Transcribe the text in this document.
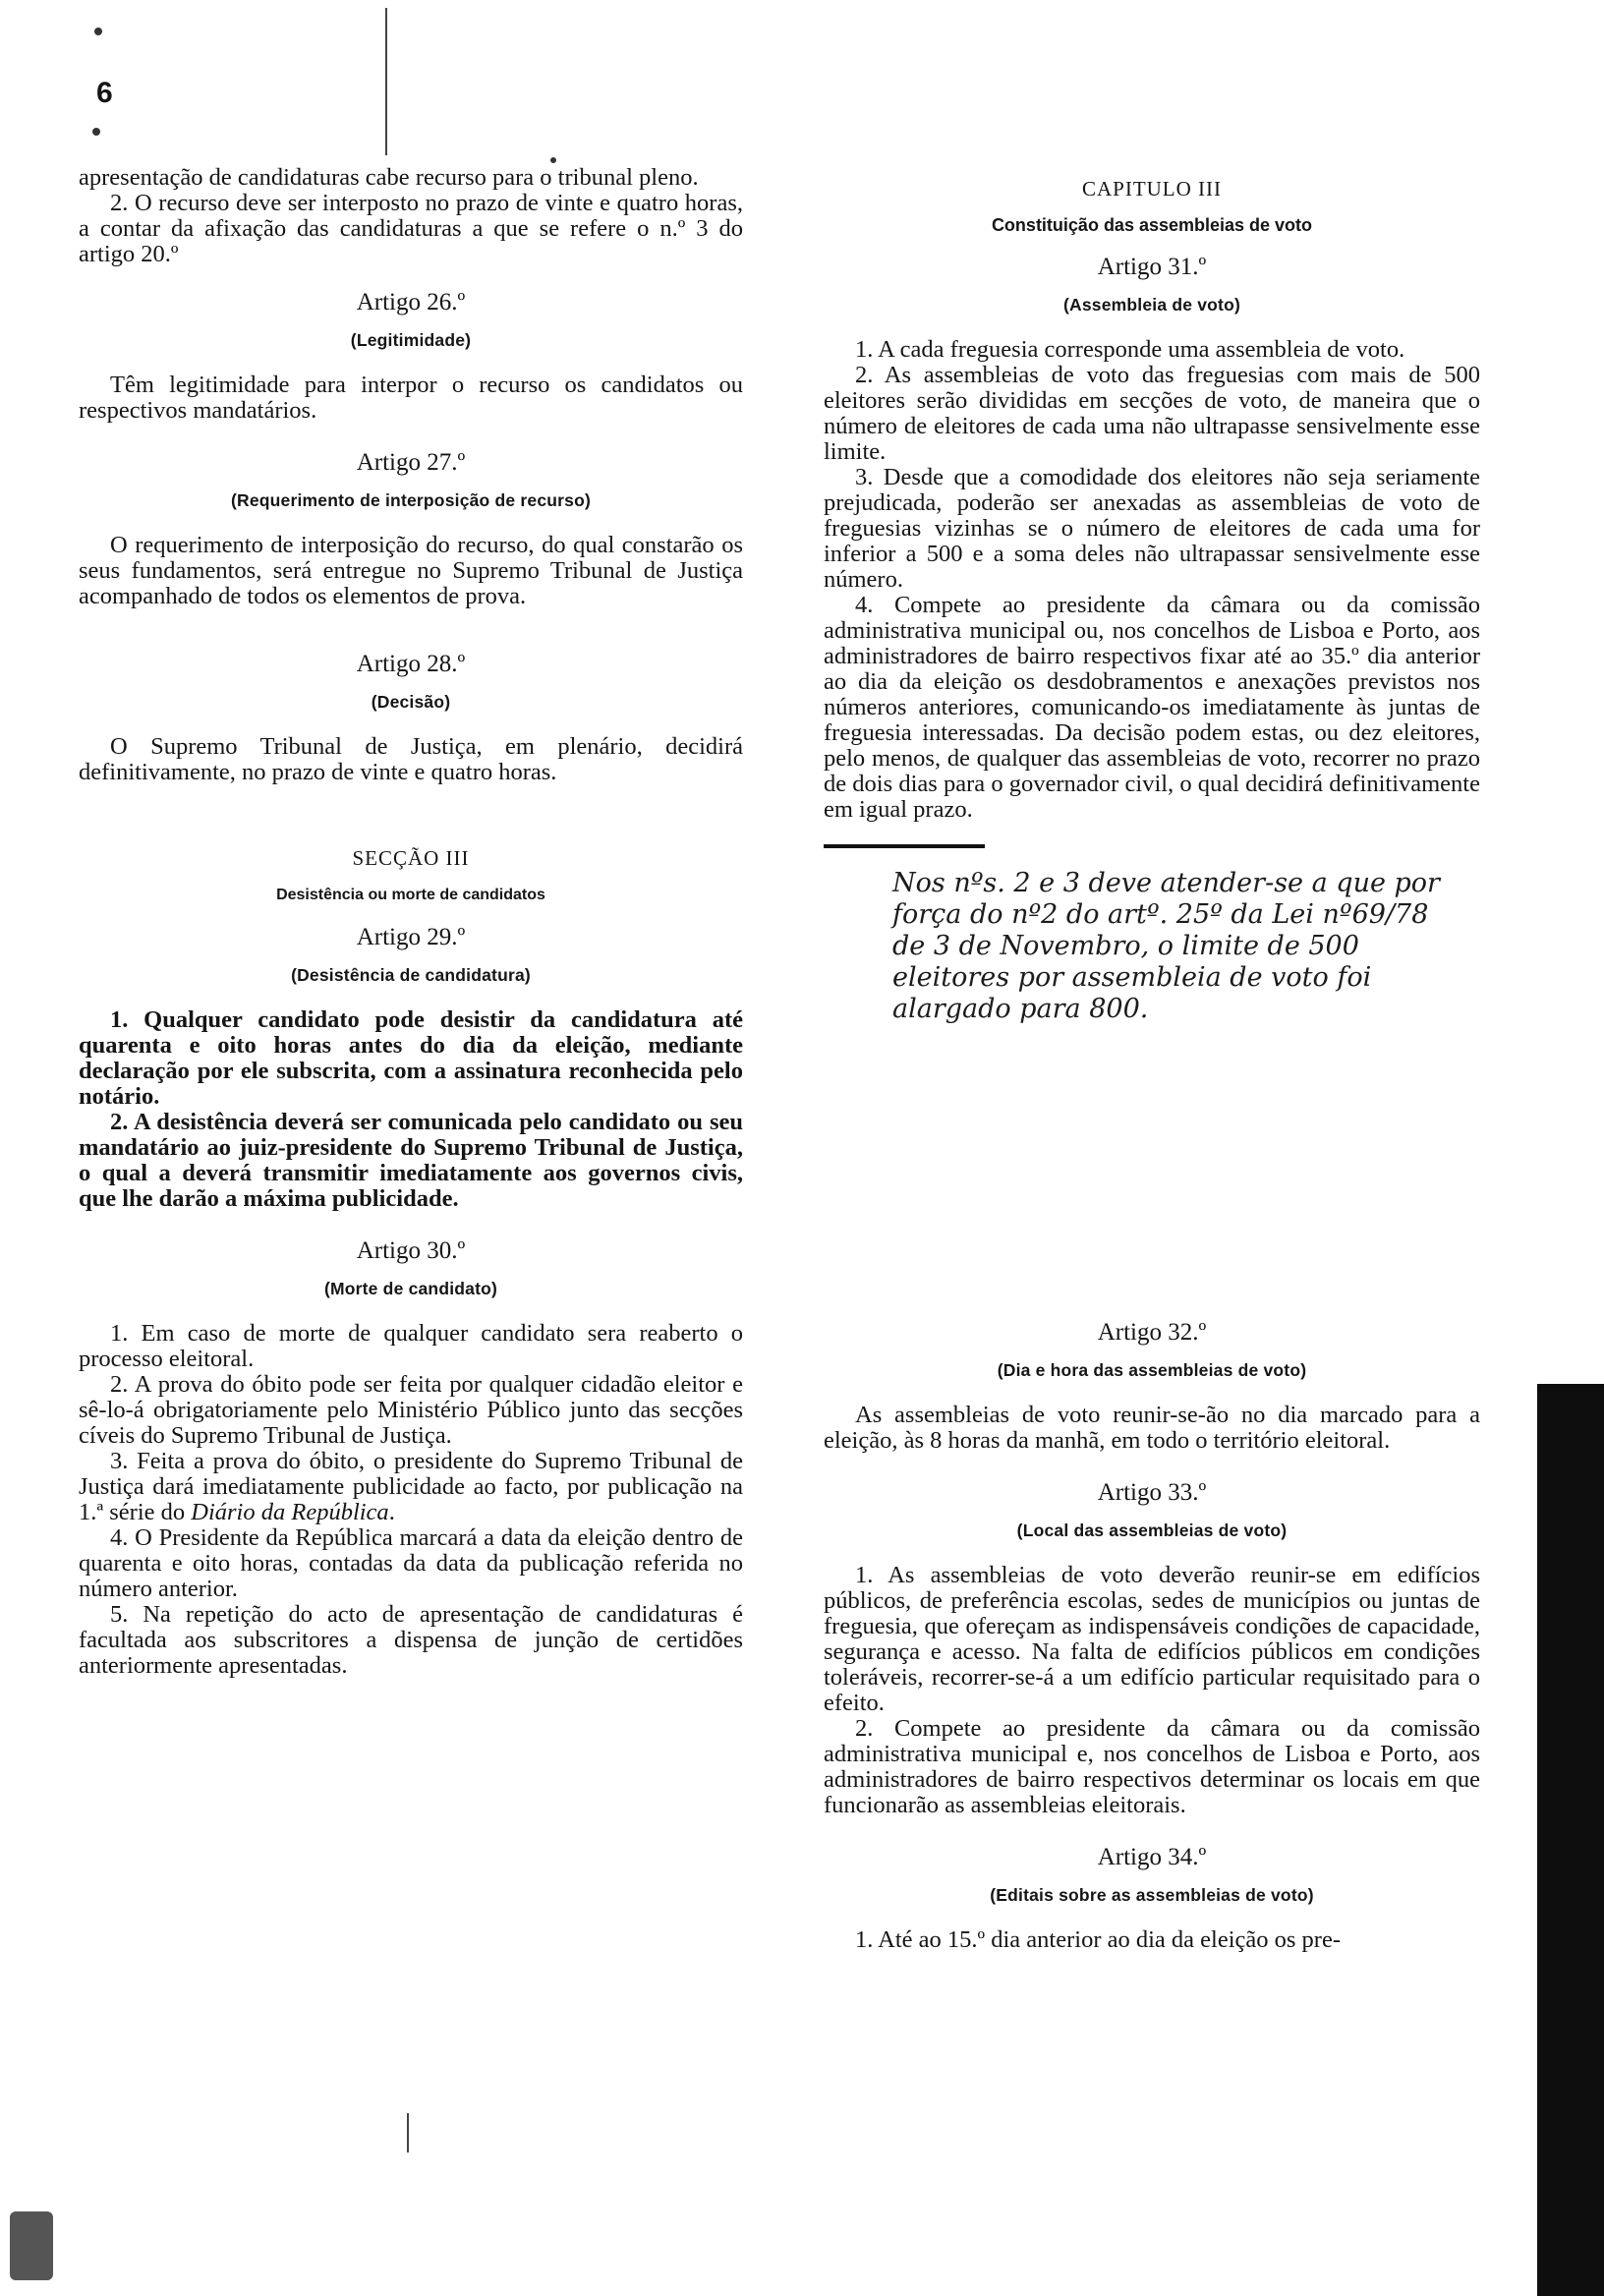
6

apresentação de candidaturas cabe recurso para o tribunal pleno.

2. O recurso deve ser interposto no prazo de vinte e quatro horas, a contar da afixação das candidaturas a que se refere o n.º 3 do artigo 20.º

Artigo 26.º
(Legitimidade)

Têm legitimidade para interpor o recurso os candidatos ou respectivos mandatários.

Artigo 27.º
(Requerimento de interposição de recurso)

O requerimento de interposição do recurso, do qual constarão os seus fundamentos, será entregue no Supremo Tribunal de Justiça acompanhado de todos os elementos de prova.

Artigo 28.º
(Decisão)

O Supremo Tribunal de Justiça, em plenário, decidirá definitivamente, no prazo de vinte e quatro horas.

SECÇÃO III
Desistência ou morte de candidatos
Artigo 29.º
(Desistência de candidatura)

1. Qualquer candidato pode desistir da candidatura até quarenta e oito horas antes do dia da eleição, mediante declaração por ele subscrita, com a assinatura reconhecida pelo notário.

2. A desistência deverá ser comunicada pelo candidato ou seu mandatário ao juiz-presidente do Supremo Tribunal de Justiça, o qual a deverá transmitir imediatamente aos governos civis, que lhe darão a máxima publicidade.

Artigo 30.º
(Morte de candidato)

1. Em caso de morte de qualquer candidato sera reaberto o processo eleitoral.

2. A prova do óbito pode ser feita por qualquer cidadão eleitor e sê-lo-á obrigatoriamente pelo Ministério Público junto das secções cíveis do Supremo Tribunal de Justiça.

3. Feita a prova do óbito, o presidente do Supremo Tribunal de Justiça dará imediatamente publicidade ao facto, por publicação na 1.ª série do Diário da República.

4. O Presidente da República marcará a data da eleição dentro de quarenta e oito horas, contadas da data da publicação referida no número anterior.

5. Na repetição do acto de apresentação de candidaturas é facultada aos subscritores a dispensa de junção de certidões anteriormente apresentadas.

CAPITULO III
Constituição das assembleias de voto
Artigo 31.º
(Assembleia de voto)

1. A cada freguesia corresponde uma assembleia de voto.

2. As assembleias de voto das freguesias com mais de 500 eleitores serão divididas em secções de voto, de maneira que o número de eleitores de cada uma não ultrapasse sensivelmente esse limite.

3. Desde que a comodidade dos eleitores não seja seriamente prejudicada, poderão ser anexadas as assembleias de voto de freguesias vizinhas se o número de eleitores de cada uma for inferior a 500 e a soma deles não ultrapassar sensivelmente esse número.

4. Compete ao presidente da câmara ou da comissão administrativa municipal ou, nos concelhos de Lisboa e Porto, aos administradores de bairro respectivos fixar até ao 35.º dia anterior ao dia da eleição os desdobramentos e anexações previstos nos números anteriores, comunicando-os imediatamente às juntas de freguesia interessadas. Da decisão podem estas, ou dez eleitores, pelo menos, de qualquer das assembleias de voto, recorrer no prazo de dois dias para o governador civil, o qual decidirá definitivamente em igual prazo.

Nos nºs. 2 e 3 deve atender-se a que por força do nº2 do artº. 25º da Lei nº69/78 de 3 de Novembro, o limite de 500 eleitores por assembleia de voto foi alargado para 800.
Artigo 32.º
(Dia e hora das assembleias de voto)

As assembleias de voto reunir-se-ão no dia marcado para a eleição, às 8 horas da manhã, em todo o território eleitoral.

Artigo 33.º
(Local das assembleias de voto)

1. As assembleias de voto deverão reunir-se em edifícios públicos, de preferência escolas, sedes de municípios ou juntas de freguesia, que ofereçam as indispensáveis condições de capacidade, segurança e acesso. Na falta de edifícios públicos em condições toleráveis, recorrer-se-á a um edifício particular requisitado para o efeito.

2. Compete ao presidente da câmara ou da comissão administrativa municipal e, nos concelhos de Lisboa e Porto, aos administradores de bairro respectivos determinar os locais em que funcionarão as assembleias eleitorais.

Artigo 34.º
(Editais sobre as assembleias de voto)

1. Até ao 15.º dia anterior ao dia da eleição os pre-
